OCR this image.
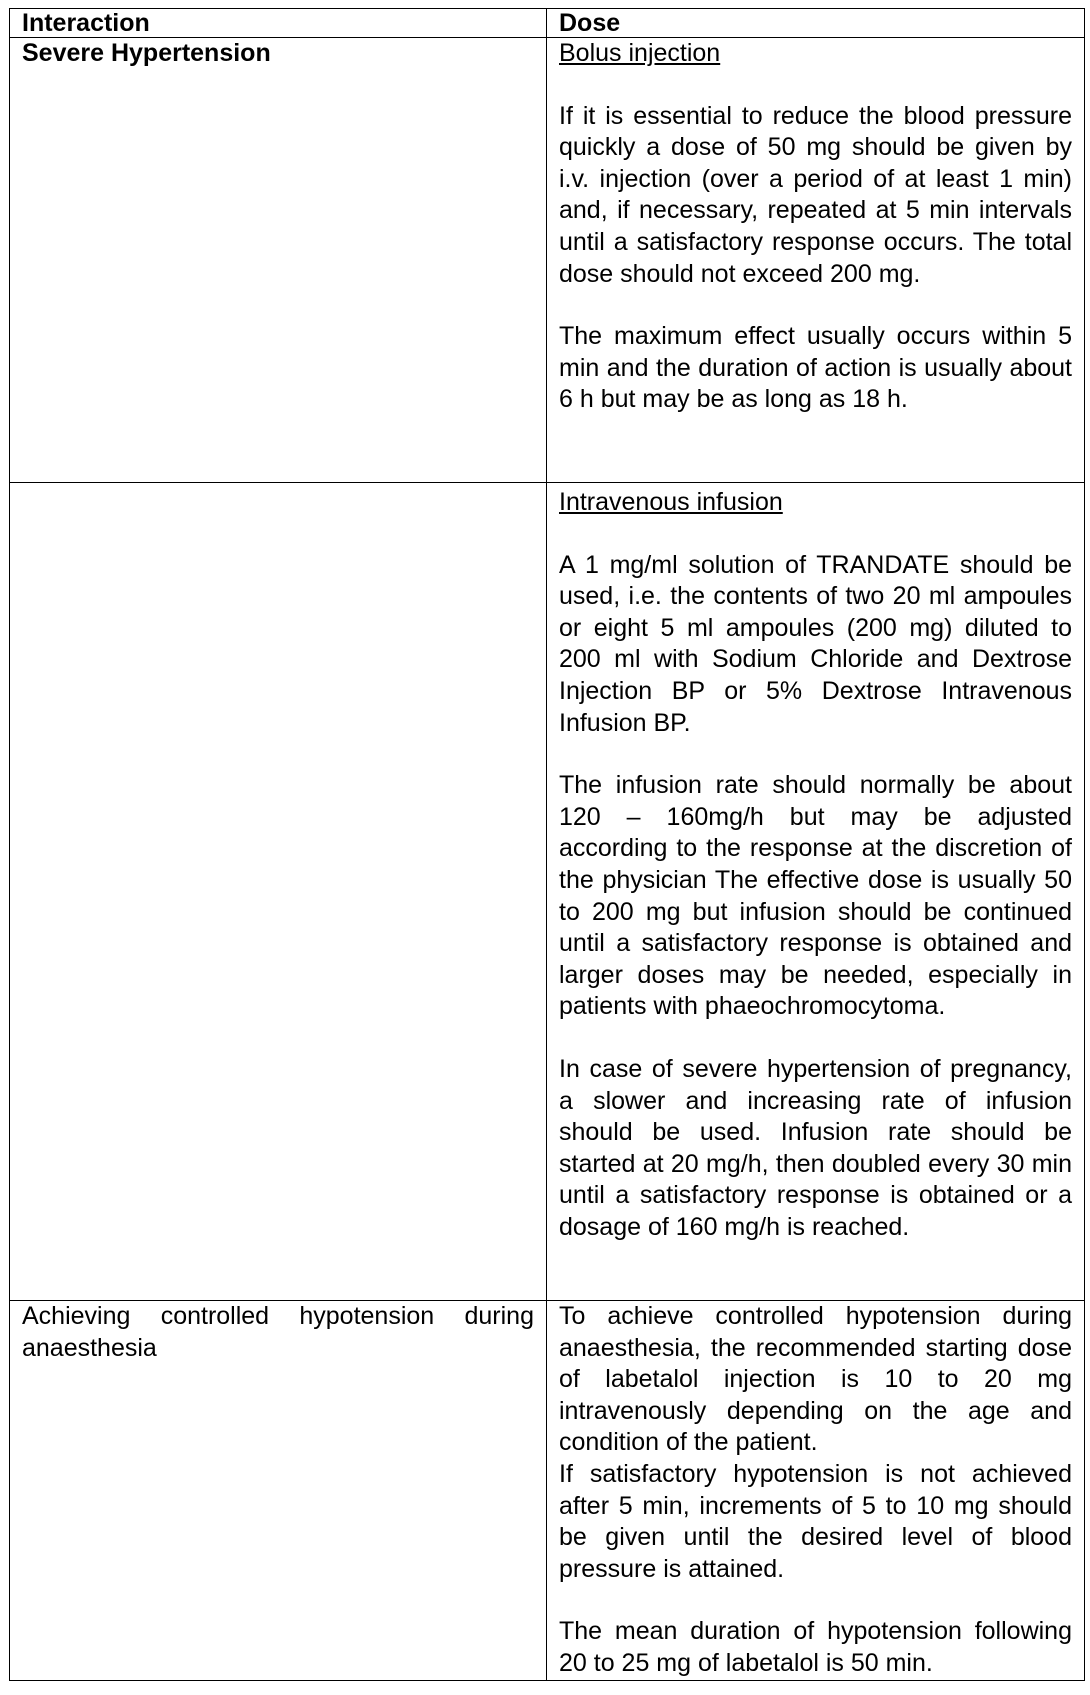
Interaction	Dose

Severe Hypertension	Bolus injection

If it is essential to reduce the blood pressure quickly a dose of 50 mg should be given by i.v. injection (over a period of at least 1 min) and, if necessary, repeated at 5 min intervals until a satisfactory response occurs. The total dose should not exceed 200 mg.

The maximum effect usually occurs within 5 min and the duration of action is usually about 6 h but may be as long as 18 h.

	Intravenous infusion

A 1 mg/ml solution of TRANDATE should be used, i.e. the contents of two 20 ml ampoules or eight 5 ml ampoules (200 mg) diluted to 200 ml with Sodium Chloride and Dextrose Injection BP or 5% Dextrose Intravenous Infusion BP.

The infusion rate should normally be about 120 – 160mg/h but may be adjusted according to the response at the discretion of the physician The effective dose is usually 50 to 200 mg but infusion should be continued until a satisfactory response is obtained and larger doses may be needed, especially in patients with phaeochromocytoma.

In case of severe hypertension of pregnancy, a slower and increasing rate of infusion should be used. Infusion rate should be started at 20 mg/h, then doubled every 30 min until a satisfactory response is obtained or a dosage of 160 mg/h is reached.

Achieving controlled hypotension during anaesthesia	To achieve controlled hypotension during anaesthesia, the recommended starting dose of labetalol injection is 10 to 20 mg intravenously depending on the age and condition of the patient.

If satisfactory hypotension is not achieved after 5 min, increments of 5 to 10 mg should be given until the desired level of blood pressure is attained.

The mean duration of hypotension following 20 to 25 mg of labetalol is 50 min.
